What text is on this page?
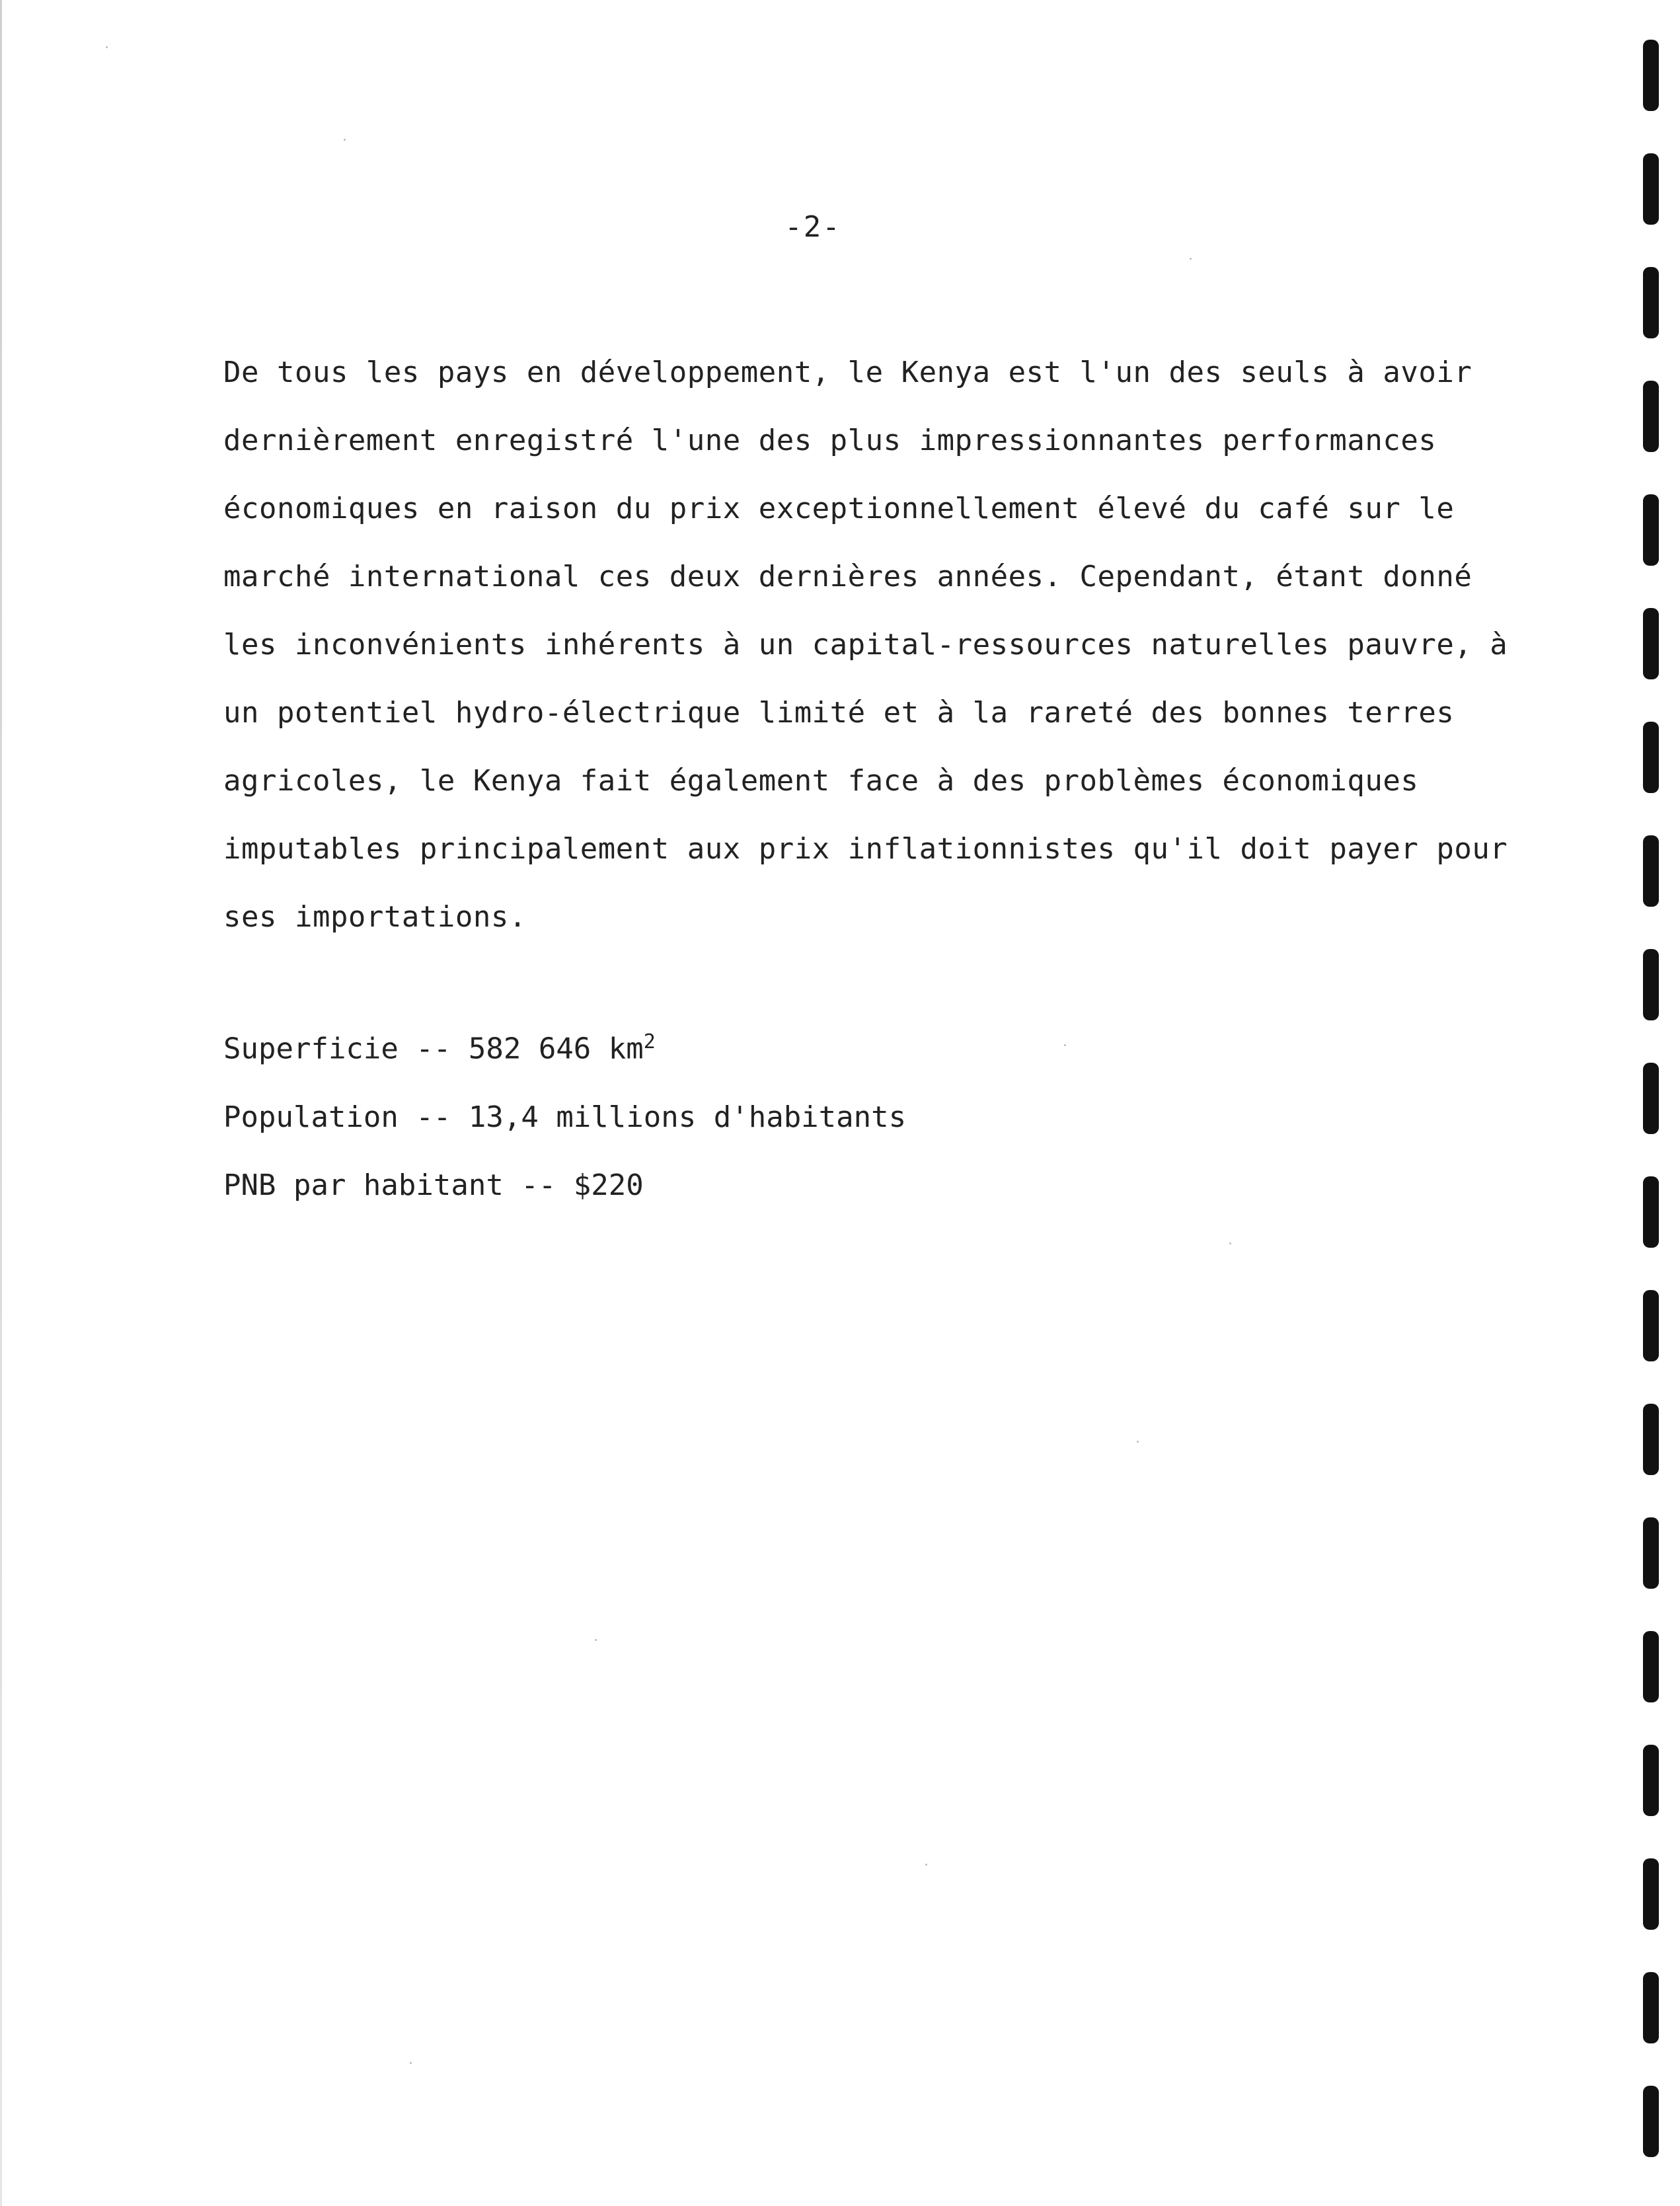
-2-

De tous les pays en développement, le Kenya est l'un des seuls à avoir
dernièrement enregistré l'une des plus impressionnantes performances
économiques en raison du prix exceptionnellement élevé du café sur le
marché international ces deux dernières années. Cependant, étant donné
les inconvénients inhérents à un capital-ressources naturelles pauvre, à
un potentiel hydro-électrique limité et à la rareté des bonnes terres
agricoles, le Kenya fait également face à des problèmes économiques
imputables principalement aux prix inflationnistes qu'il doit payer pour
ses importations.

Superficie -- 582 646 $km^2$
Population -- 13,4 millions d'habitants
PNB par habitant -- $220
